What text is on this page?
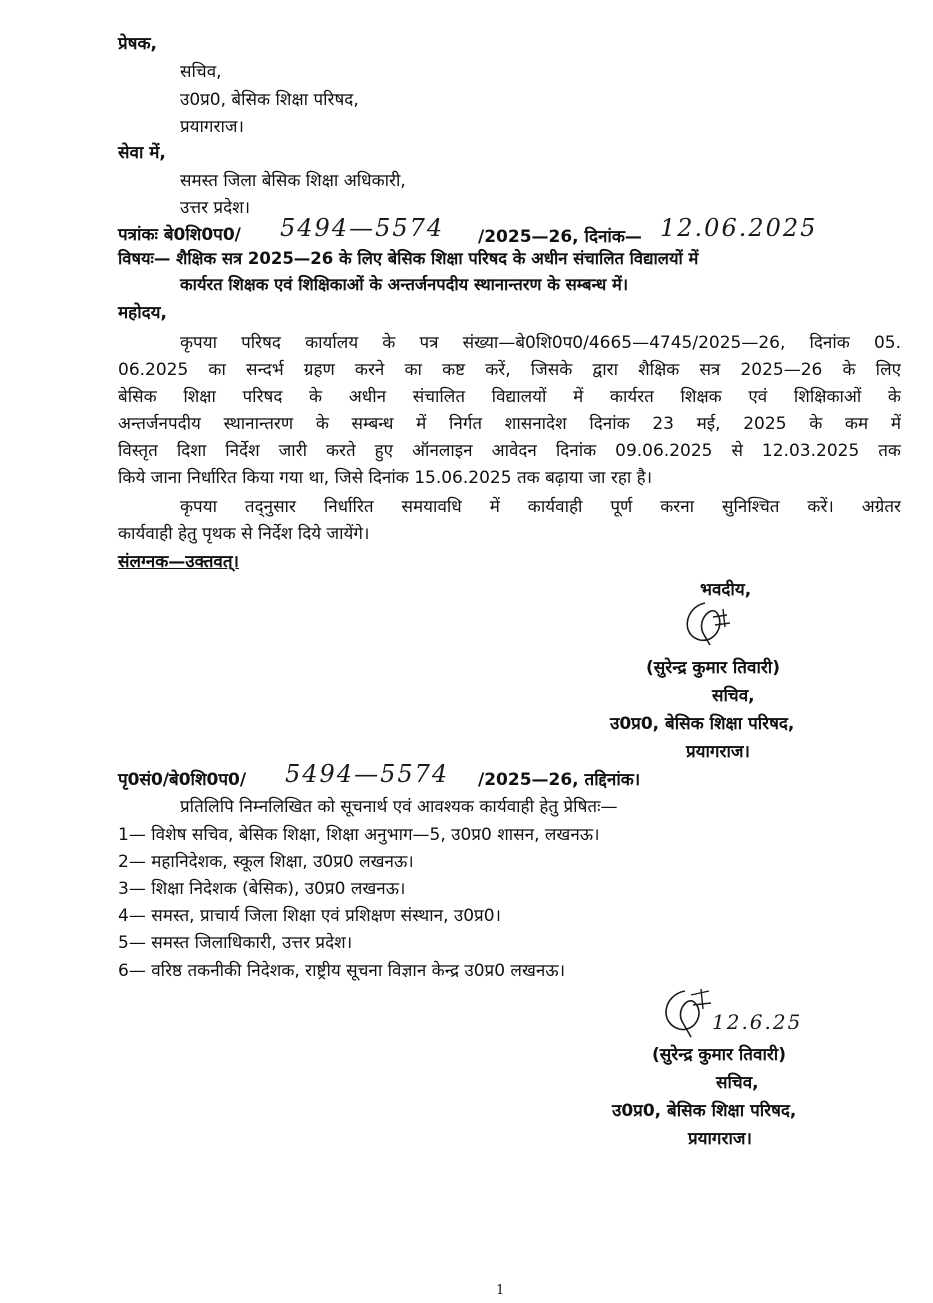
प्रेषक,
सचिव,
उ0प्र0, बेसिक शिक्षा परिषद,
प्रयागराज।
सेवा में,
समस्त जिला बेसिक शिक्षा अधिकारी,
उत्तर प्रदेश।
पत्रांकः बे0शि0प0/ 5494—5574 /2025—26, दिनांक— 12.06.2025
विषयः— शैक्षिक सत्र 2025—26 के लिए बेसिक शिक्षा परिषद के अधीन संचालित विद्यालयों में
कार्यरत शिक्षक एवं शिक्षिकाओं के अन्तर्जनपदीय स्थानान्तरण के सम्बन्ध में।
महोदय,
कृपया परिषद कार्यालय के पत्र संख्या—बे0शि0प0/4665—4745/2025—26, दिनांक 05.
06.2025 का सन्दर्भ ग्रहण करने का कष्ट करें, जिसके द्वारा शैक्षिक सत्र 2025—26 के लिए
बेसिक शिक्षा परिषद के अधीन संचालित विद्यालयों में कार्यरत शिक्षक एवं शिक्षिकाओं के
अन्तर्जनपदीय स्थानान्तरण के सम्बन्ध में निर्गत शासनादेश दिनांक 23 मई, 2025 के कम में
विस्तृत दिशा निर्देश जारी करते हुए ऑनलाइन आवेदन दिनांक 09.06.2025 से 12.03.2025 तक
किये जाना निर्धारित किया गया था, जिसे दिनांक 15.06.2025 तक बढ़ाया जा रहा है।
कृपया तद्नुसार निर्धारित समयावधि में कार्यवाही पूर्ण करना सुनिश्चित करें। अग्रेतर
कार्यवाही हेतु पृथक से निर्देश दिये जायेंगे।
संलग्नक—उक्तवत्।
भवदीय,
(सुरेन्द्र कुमार तिवारी)
सचिव,
उ0प्र0, बेसिक शिक्षा परिषद,
प्रयागराज।
पृ0सं0/बे0शि0प0/ 5494—5574 /2025—26, तद्दिनांक।
प्रतिलिपि निम्नलिखित को सूचनार्थ एवं आवश्यक कार्यवाही हेतु प्रेषितः—
1— विशेष सचिव, बेसिक शिक्षा, शिक्षा अनुभाग—5, उ0प्र0 शासन, लखनऊ।
2— महानिदेशक, स्कूल शिक्षा, उ0प्र0 लखनऊ।
3— शिक्षा निदेशक (बेसिक), उ0प्र0 लखनऊ।
4— समस्त, प्राचार्य जिला शिक्षा एवं प्रशिक्षण संस्थान, उ0प्र0।
5— समस्त जिलाधिकारी, उत्तर प्रदेश।
6— वरिष्ठ तकनीकी निदेशक, राष्ट्रीय सूचना विज्ञान केन्द्र उ0प्र0 लखनऊ।
12.6.25
(सुरेन्द्र कुमार तिवारी)
सचिव,
उ0प्र0, बेसिक शिक्षा परिषद,
प्रयागराज।
1
